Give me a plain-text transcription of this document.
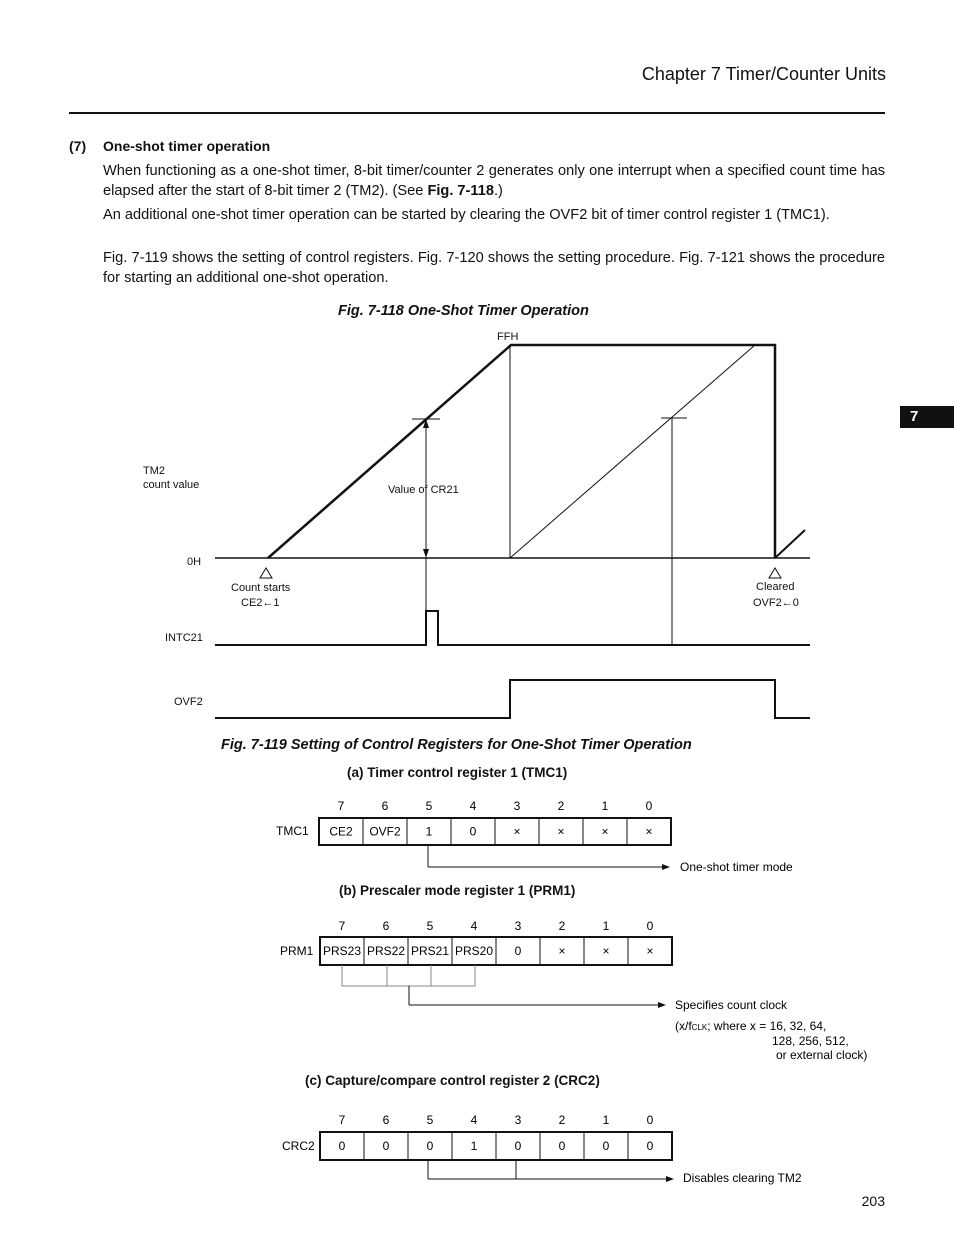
Chapter 7 Timer/Counter Units
7
(7) One-shot timer operation
When functioning as a one-shot timer, 8-bit timer/counter 2 generates only one interrupt when a specified count time has elapsed after the start of 8-bit timer 2 (TM2). (See Fig. 7-118.)
An additional one-shot timer operation can be started by clearing the OVF2 bit of timer control register 1 (TMC1).
Fig. 7-119 shows the setting of control registers. Fig. 7-120 shows the setting procedure. Fig. 7-121 shows the procedure for starting an additional one-shot operation.
Fig. 7-118 One-Shot Timer Operation
FFH
TM2
count value	Value of CR21
0H
Count starts
CE2←1
Cleared
OVF2←0
INTC21
OVF2
Fig. 7-119 Setting of Control Registers for One-Shot Timer Operation
(a) Timer control register 1 (TMC1)
(b) Prescaler mode register 1 (PRM1)
(c) Capture/compare control register 2 (CRC2)
TMC1
7	6	5	4	3	2	1	0
CE2 OVF2 1	0	×	×	×	×
One-shot timer mode
PRM1
7	6	5	4	3	2	1	0
PRS23 PRS22 PRS21 PRS20 0	×	×	×
Specifies count clock
(x/fCLK; where x = 16, 32, 64,
128, 256, 512,
or external clock)
CRC2
7	6	5	4	3	2	1	0
0	0	0	1	0	0	0	0
Disables clearing TM2
203
